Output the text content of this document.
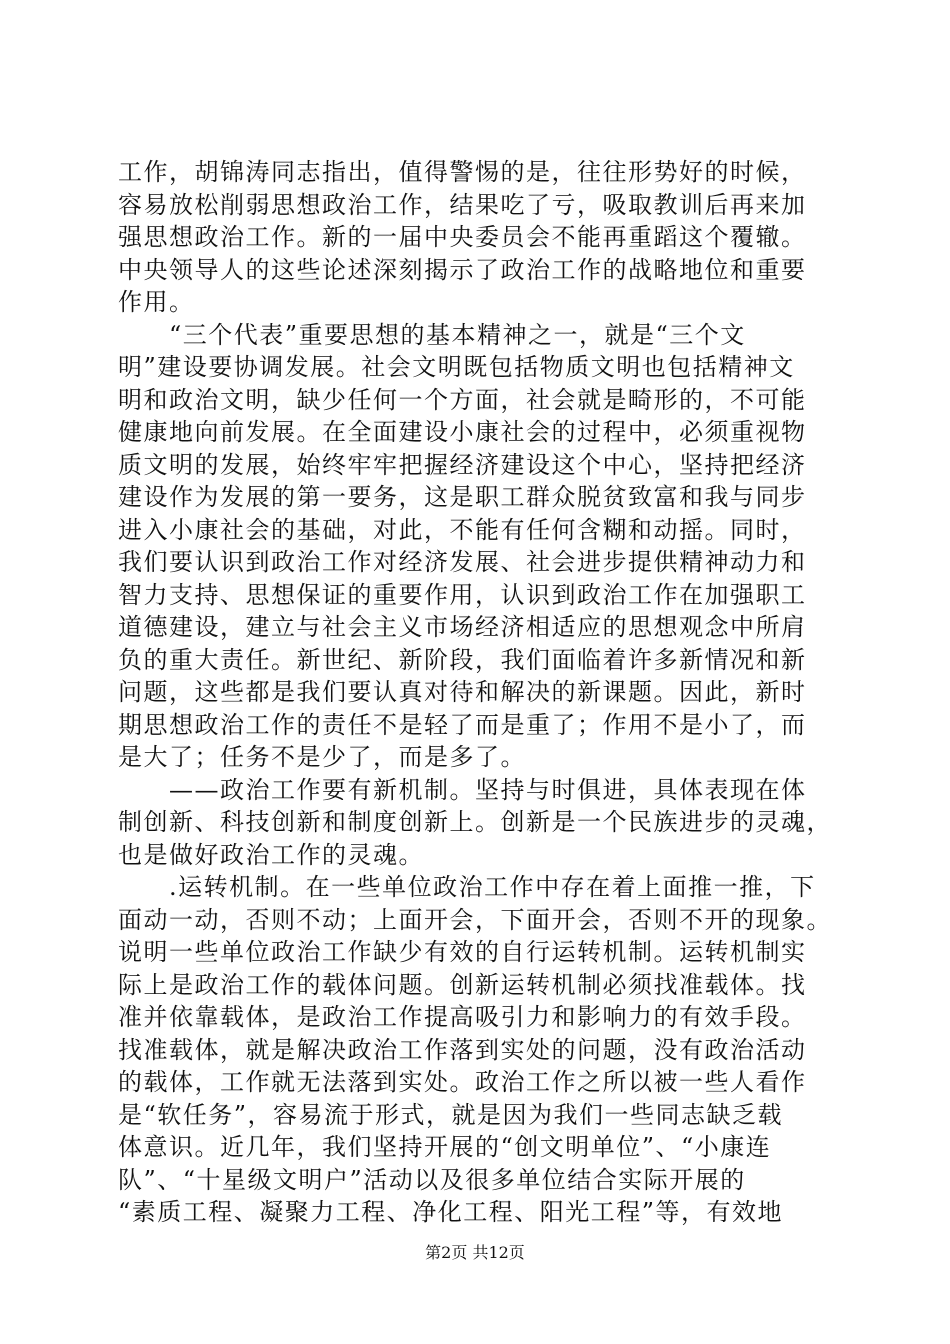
工作，胡锦涛同志指出，值得警惕的是，往往形势好的时候，
容易放松削弱思想政治工作，结果吃了亏，吸取教训后再来加
强思想政治工作。新的一届中央委员会不能再重蹈这个覆辙。
中央领导人的这些论述深刻揭示了政治工作的战略地位和重要
作用。
　　“三个代表”重要思想的基本精神之一，就是“三个文
明”建设要协调发展。社会文明既包括物质文明也包括精神文
明和政治文明，缺少任何一个方面，社会就是畸形的，不可能
健康地向前发展。在全面建设小康社会的过程中，必须重视物
质文明的发展，始终牢牢把握经济建设这个中心，坚持把经济
建设作为发展的第一要务，这是职工群众脱贫致富和我与同步
进入小康社会的基础，对此，不能有任何含糊和动摇。同时，
我们要认识到政治工作对经济发展、社会进步提供精神动力和
智力支持、思想保证的重要作用，认识到政治工作在加强职工
道德建设，建立与社会主义市场经济相适应的思想观念中所肩
负的重大责任。新世纪、新阶段，我们面临着许多新情况和新
问题，这些都是我们要认真对待和解决的新课题。因此，新时
期思想政治工作的责任不是轻了而是重了；作用不是小了，而
是大了；任务不是少了，而是多了。
　　——政治工作要有新机制。坚持与时俱进，具体表现在体
制创新、科技创新和制度创新上。创新是一个民族进步的灵魂，
也是做好政治工作的灵魂。
　　.运转机制。在一些单位政治工作中存在着上面推一推，下
面动一动，否则不动；上面开会，下面开会，否则不开的现象。
说明一些单位政治工作缺少有效的自行运转机制。运转机制实
际上是政治工作的载体问题。创新运转机制必须找准载体。找
准并依靠载体，是政治工作提高吸引力和影响力的有效手段。
找准载体，就是解决政治工作落到实处的问题，没有政治活动
的载体，工作就无法落到实处。政治工作之所以被一些人看作
是“软任务”，容易流于形式，就是因为我们一些同志缺乏载
体意识。近几年，我们坚持开展的“创文明单位”、“小康连
队”、“十星级文明户”活动以及很多单位结合实际开展的
“素质工程、凝聚力工程、净化工程、阳光工程”等，有效地
第2页 共12页
